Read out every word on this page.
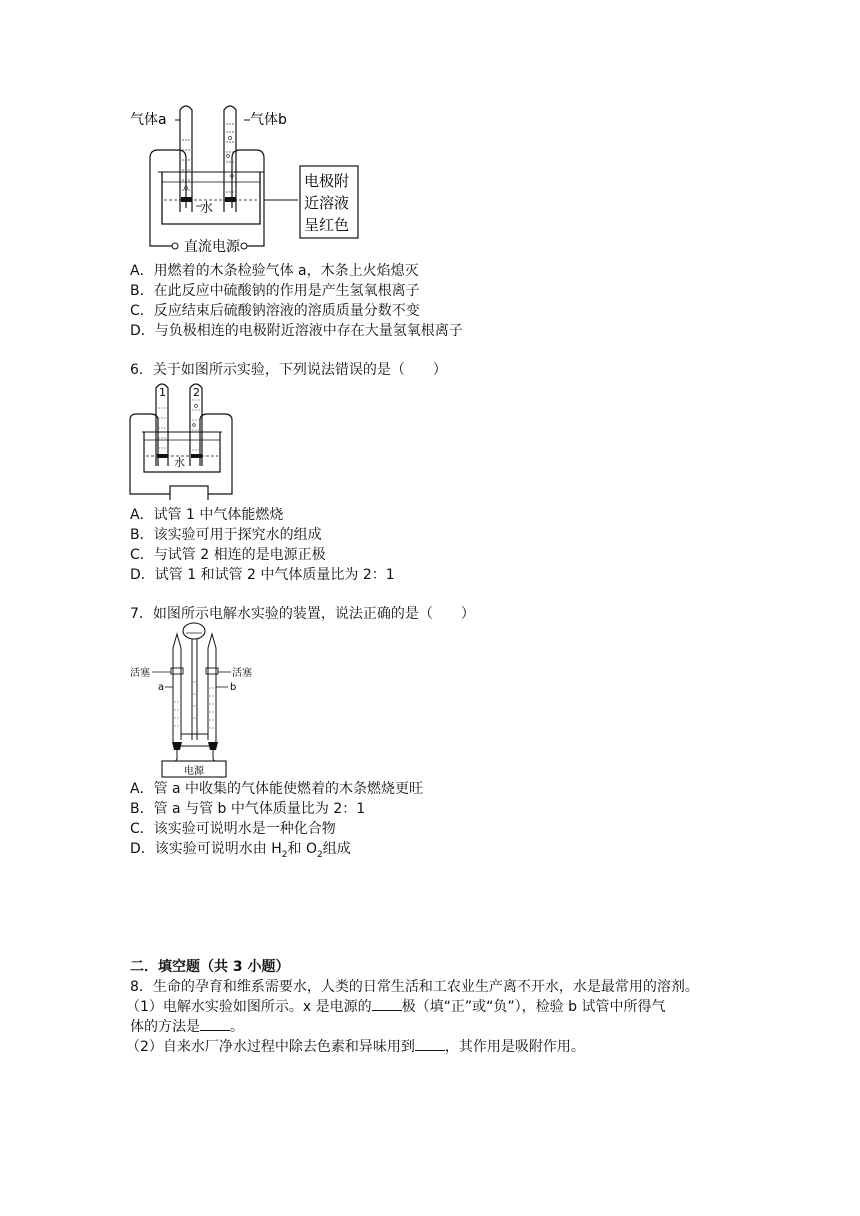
气体a	气体b
水
直流电源
电极附
近溶液
呈红色
A．用燃着的木条检验气体 a，木条上火焰熄灭
B．在此反应中硫酸钠的作用是产生氢氧根离子
C．反应结束后硫酸钠溶液的溶质质量分数不变
D．与负极相连的电极附近溶液中存在大量氢氧根离子
6．关于如图所示实验，下列说法错误的是（　　）
1 2
水
A．试管 1 中气体能燃烧
B．该实验可用于探究水的组成
C．与试管 2 相连的是电源正极
D．试管 1 和试管 2 中气体质量比为 2：1
7．如图所示电解水实验的装置，说法正确的是（　　）
电源
活塞	活塞
a	b
A．管 a 中收集的气体能使燃着的木条燃烧更旺
B．管 a 与管 b 中气体质量比为 2：1
C．该实验可说明水是一种化合物
D．该实验可说明水由 $H_2$和 $O_2$组成
二．填空题（共 3 小题）
8．生命的孕育和维系需要水，人类的日常生活和工农业生产离不开水，水是最常用的溶剂。
（1）电解水实验如图所示。x 是电源的 极（填“正”或“负”），检验 b 试管中所得气
体的方法是 。
（2）自来水厂净水过程中除去色素和异味用到 ，其作用是吸附作用。
